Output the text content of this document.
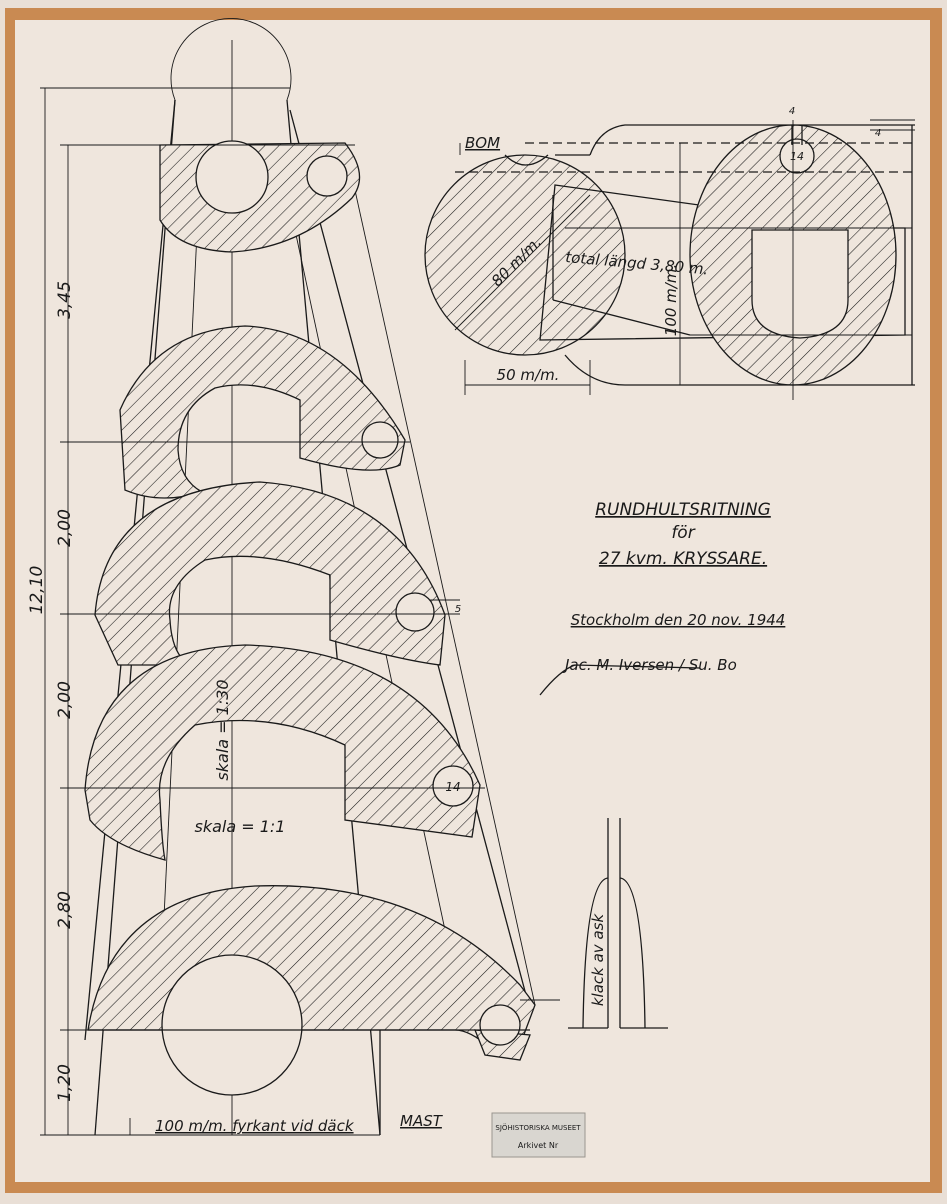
12,10
3,45
2,00
2,00
2,80
1,20
skala = 1:30
skala = 1:1
14
5
100 m/m. fyrkant vid däck	MAST
klack av ask
BOM
80 m/m. total längd 3,80 m.
100 m/m.
50 m/m.
4
4
14
RUNDHULTSRITNING
för
27 kvm. KRYSSARE.
Stockholm den 20 nov. 1944
Jac. M. Iversen / Su. Bo
SJÖHISTORISKA MUSEET
Arkivet Nr
